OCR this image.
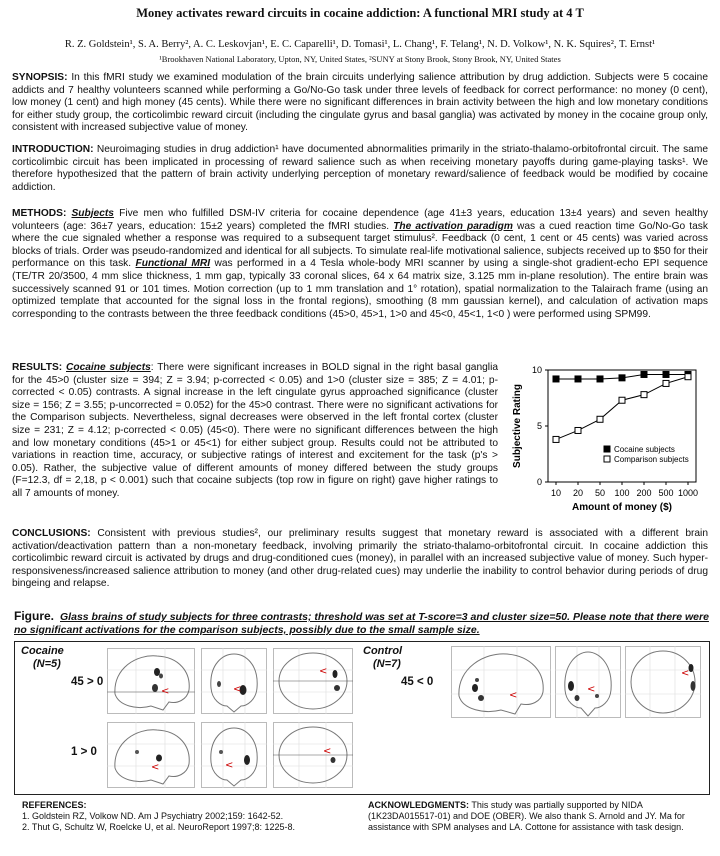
Money activates reward circuits in cocaine addiction: A functional MRI study at 4 T
R. Z. Goldstein¹, S. A. Berry², A. C. Leskovjan¹, E. C. Caparelli¹, D. Tomasi¹, L. Chang¹, F. Telang¹, N. D. Volkow¹, N. K. Squires², T. Ernst¹
¹Brookhaven National Laboratory, Upton, NY, United States, ²SUNY at Stony Brook, Stony Brook, NY, United States
SYNOPSIS: In this fMRI study we examined modulation of the brain circuits underlying salience attribution by drug addiction. Subjects were 5 cocaine addicts and 7 healthy volunteers scanned while performing a Go/No-Go task under three levels of feedback for correct performance: no money (0 cent), low money (1 cent) and high money (45 cents). While there were no significant differences in brain activity between the high and low monetary conditions for either study group, the corticolimbic reward circuit (including the cingulate gyrus and basal ganglia) was activated by money in the cocaine group only, consistent with increased subjective value of money.
INTRODUCTION: Neuroimaging studies in drug addiction¹ have documented abnormalities primarily in the striato-thalamo-orbitofrontal circuit. The same corticolimbic circuit has been implicated in processing of reward salience such as when receiving monetary payoffs during game-playing tasks¹. We therefore hypothesized that the pattern of brain activity underlying perception of monetary reward/salience of feedback would be modified by cocaine addiction.
METHODS: Subjects Five men who fulfilled DSM-IV criteria for cocaine dependence (age 41±3 years, education 13±4 years) and seven healthy volunteers (age: 36±7 years, education: 15±2 years) completed the fMRI studies. The activation paradigm was a cued reaction time Go/No-Go task where the cue signaled whether a response was required to a subsequent target stimulus². Feedback (0 cent, 1 cent or 45 cents) was varied across blocks of trials. Order was pseudo-randomized and identical for all subjects. To simulate real-life motivational salience, subjects received up to $50 for their performance on this task. Functional MRI was performed in a 4 Tesla whole-body MRI scanner by using a single-shot gradient-echo EPI sequence (TE/TR 20/3500, 4 mm slice thickness, 1 mm gap, typically 33 coronal slices, 64 x 64 matrix size, 3.125 mm in-plane resolution). The entire brain was successively scanned 91 or 101 times. Motion correction (up to 1 mm translation and 1° rotation), spatial normalization to the Talairach frame (using an optimized template that accounted for the signal loss in the frontal regions), smoothing (8 mm gaussian kernel), and calculation of activation maps corresponding to the contrasts between the three feedback conditions (45>0, 45>1, 1>0 and 45<0, 45<1, 1<0 ) were performed using SPM99.
RESULTS: Cocaine subjects: There were significant increases in BOLD signal in the right basal ganglia for the 45>0 (cluster size = 394; Z = 3.94; p-corrected < 0.05) and 1>0 (cluster size = 385; Z = 4.01; p-corrected < 0.05) contrasts. A signal increase in the left cingulate gyrus approached significance (cluster size = 156; Z = 3.55; p-uncorrected = 0.052) for the 45>0 contrast. There were no significant activations for the Comparison subjects. Nevertheless, signal decreases were observed in the left frontal cortex (cluster size = 231; Z = 4.12; p-corrected < 0.05) (45<0). There were no significant differences between the high and low monetary conditions (45>1 or 45<1) for either subject group. Results could not be attributed to variations in reaction time, accuracy, or subjective ratings of interest and excitement for the task (p's > 0.05). Rather, the subjective value of different amounts of money differed between the study groups (F=12.3, df = 2,18, p < 0.001) such that cocaine subjects (top row in figure on right) gave higher ratings to all 7 amounts of money.
0
5
10
10 20 50 100 200 500 1000
Amount of money ($)
Subjective Rating	Cocaine subjects
Comparison subjects
CONCLUSIONS: Consistent with previous studies², our preliminary results suggest that monetary reward is associated with a different brain activation/deactivation pattern than a non-monetary feedback, involving primarily the striato-thalamo-orbitofrontal circuit. In cocaine addiction this corticolimbic reward circuit is activated by drugs and drug-conditioned cues (money), in parallel with an increased subjective value of money. Such hyper-responsiveness/increased salience attribution to money (and other drug-related cues) may underlie the inability to control behavior during periods of drug bingeing and relapse.
Figure. Glass brains of study subjects for three contrasts; threshold was set at T-score=3 and cluster size=50. Please note that there were no significant activations for the comparison subjects, possibly due to the small sample size.
Cocaine
(N=5)
Control
(N=7)
45 > 0
1 > 0
45 < 0
<	<
<
<	<
<
<
<
<
REFERENCES:
1. Goldstein RZ, Volkow ND. Am J Psychiatry 2002;159: 1642-52.
2. Thut G, Schultz W, Roelcke U, et al. NeuroReport 1997;8: 1225-8.
ACKNOWLEDGMENTS: This study was partially supported by NIDA (1K23DA015517-01) and DOE (OBER). We also thank S. Arnold and JY. Ma for assistance with SPM analyses and LA. Cottone for assistance with task design.
